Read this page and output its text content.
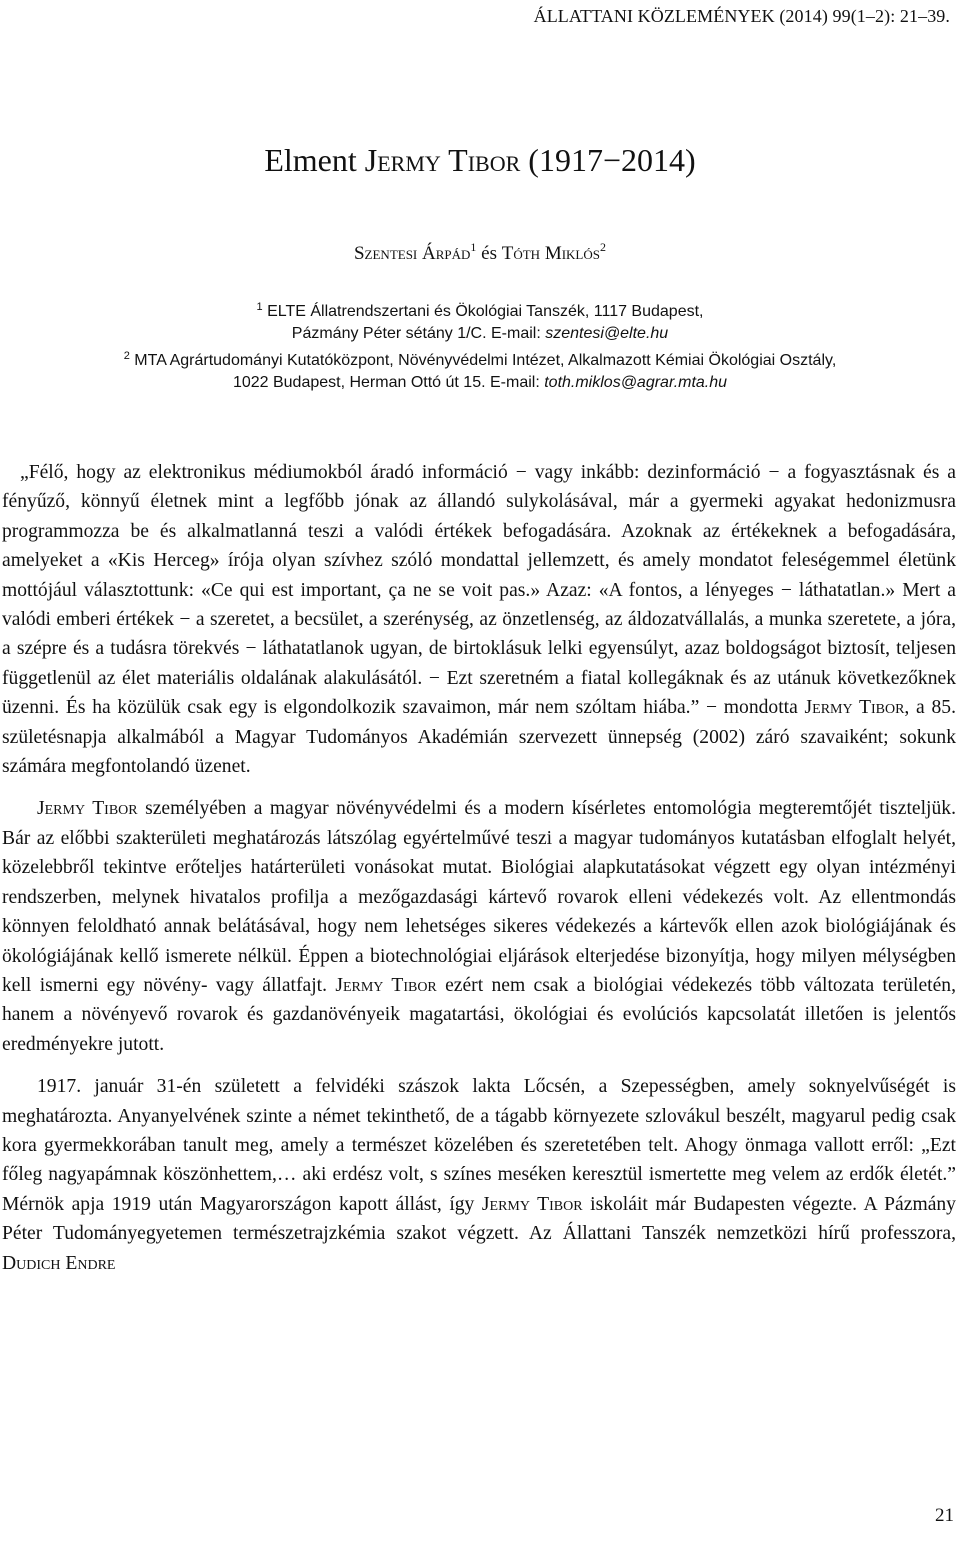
ÁLLATTANI KÖZLEMÉNYEK (2014) 99(1–2): 21–39.
Elment Jermy Tibor (1917−2014)
Szentesi Árpád$^1$ és Tóth Miklós$^2$
$^1$ ELTE Állatrendszertani és Ökológiai Tanszék, 1117 Budapest,
Pázmány Péter sétány 1/C. E-mail: szentesi@elte.hu
$^2$ MTA Agrártudományi Kutatóközpont, Növényvédelmi Intézet, Alkalmazott Kémiai Ökológiai Osztály,
1022 Budapest, Herman Ottó út 15. E-mail: toth.miklos@agrar.mta.hu

„Félő, hogy az elektronikus médiumokból áradó információ − vagy inkább: dezinformáció − a fogyasztásnak és a fényűző, könnyű életnek mint a legfőbb jónak az állandó sulykolásával, már a gyermeki agyakat hedonizmusra programmozza be és alkalmatlanná teszi a valódi értékek befogadására. Azoknak az értékeknek a befogadására, amelyeket a «Kis Herceg» írója olyan szívhez szóló mondattal jellemzett, és amely mondatot feleségemmel életünk mottójául választottunk: «Ce qui est important, ça ne se voit pas.» Azaz: «A fontos, a lényeges − láthatatlan.» Mert a valódi emberi értékek − a szeretet, a becsület, a szerénység, az önzetlenség, az áldozatvállalás, a munka szeretete, a jóra, a szépre és a tudásra törekvés − láthatatlanok ugyan, de birtoklásuk lelki egyensúlyt, azaz boldogságot biztosít, teljesen függetlenül az élet materiális oldalának alakulásától. − Ezt szeretném a fiatal kollegáknak és az utánuk következőknek üzenni. És ha közülük csak egy is elgondolkozik szavaimon, már nem szóltam hiába.” − mondotta Jermy Tibor, a 85. születésnapja alkalmából a Magyar Tudományos Akadémián szervezett ünnepség (2002) záró szavaiként; sokunk számára megfontolandó üzenet.

Jermy Tibor személyében a magyar növényvédelmi és a modern kísérletes entomológia megteremtőjét tiszteljük. Bár az előbbi szakterületi meghatározás látszólag egyértelművé teszi a magyar tudományos kutatásban elfoglalt helyét, közelebbről tekintve erőteljes határterületi vonásokat mutat. Biológiai alapkutatásokat végzett egy olyan intézményi rendszerben, melynek hivatalos profilja a mezőgazdasági kártevő rovarok elleni védekezés volt. Az ellentmondás könnyen feloldható annak belátásával, hogy nem lehetséges sikeres védekezés a kártevők ellen azok biológiájának és ökológiájának kellő ismerete nélkül. Éppen a biotechnológiai eljárások elterjedése bizonyítja, hogy milyen mélységben kell ismerni egy növény- vagy állatfajt. Jermy Tibor ezért nem csak a biológiai védekezés több változata területén, hanem a növényevő rovarok és gazdanövényeik magatartási, ökológiai és evolúciós kapcsolatát illetően is jelentős eredményekre jutott.

1917. január 31-én született a felvidéki szászok lakta Lőcsén, a Szepességben, amely soknyelvűségét is meghatározta. Anyanyelvének szinte a német tekinthető, de a tágabb környezete szlovákul beszélt, magyarul pedig csak kora gyermekkorában tanult meg, amely a természet közelében és szeretetében telt. Ahogy önmaga vallott erről: „Ezt főleg nagyapámnak köszönhettem,… aki erdész volt, s színes meséken keresztül ismertette meg velem az erdők életét.” Mérnök apja 1919 után Magyarországon kapott állást, így Jermy Tibor iskoláit már Budapesten végezte. A Pázmány Péter Tudományegyetemen természetrajzkémia szakot végzett. Az Állattani Tanszék nemzetközi hírű professzora, Dudich Endre

21
